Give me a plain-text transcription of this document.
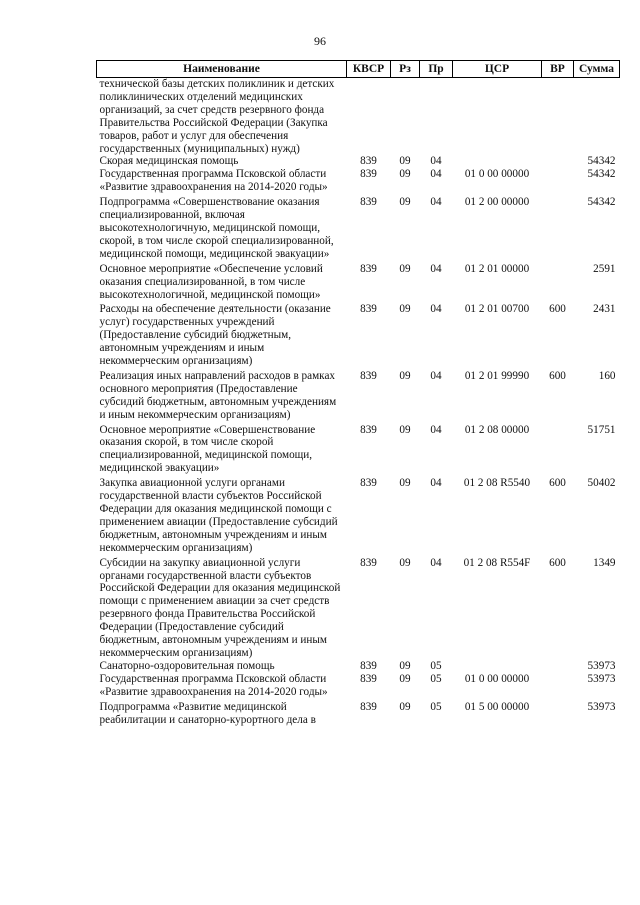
96
Наименование	КВСР	Рз	Пр	ЦСР	ВР	Сумма
технической базы детских поликлиник и детских поликлинических отделений медицинских организаций, за счет средств резервного фонда Правительства Российской Федерации (Закупка товаров, работ и услуг для обеспечения государственных (муниципальных) нужд)						
Скорая медицинская помощь	839	09	04			54342
Государственная программа Псковской области «Развитие здравоохранения на 2014-2020 годы»	839	09	04	01 0 00 00000		54342
Подпрограмма «Совершенствование оказания специализированной, включая высокотехнологичную, медицинской помощи, скорой, в том числе скорой специализированной, медицинской помощи, медицинской эвакуации»	839	09	04	01 2 00 00000		54342
Основное мероприятие «Обеспечение условий оказания специализированной, в том числе высокотехнологичной, медицинской помощи»	839	09	04	01 2 01 00000		2591
Расходы на обеспечение деятельности (оказание услуг) государственных учреждений (Предоставление субсидий бюджетным, автономным учреждениям и иным некоммерческим организациям)	839	09	04	01 2 01 00700	600	2431
Реализация иных направлений расходов в рамках основного мероприятия (Предоставление субсидий бюджетным, автономным учреждениям и иным некоммерческим организациям)	839	09	04	01 2 01 99990	600	160
Основное мероприятие «Совершенствование оказания скорой, в том числе скорой специализированной, медицинской помощи, медицинской эвакуации»	839	09	04	01 2 08 00000		51751
Закупка авиационной услуги органами государственной власти субъектов Российской Федерации для оказания медицинской помощи с применением авиации (Предоставление субсидий бюджетным, автономным учреждениям и иным некоммерческим организациям)	839	09	04	01 2 08 R5540	600	50402
Субсидии на закупку авиационной услуги органами государственной власти субъектов Российской Федерации для оказания медицинской помощи с применением авиации за счет средств резервного фонда Правительства Российской Федерации (Предоставление субсидий бюджетным, автономным учреждениям и иным некоммерческим организациям)	839	09	04	01 2 08 R554F	600	1349
Санаторно-оздоровительная помощь	839	09	05			53973
Государственная программа Псковской области «Развитие здравоохранения на 2014-2020 годы»	839	09	05	01 0 00 00000		53973
Подпрограмма «Развитие медицинской реабилитации и санаторно-курортного дела в	839	09	05	01 5 00 00000		53973
